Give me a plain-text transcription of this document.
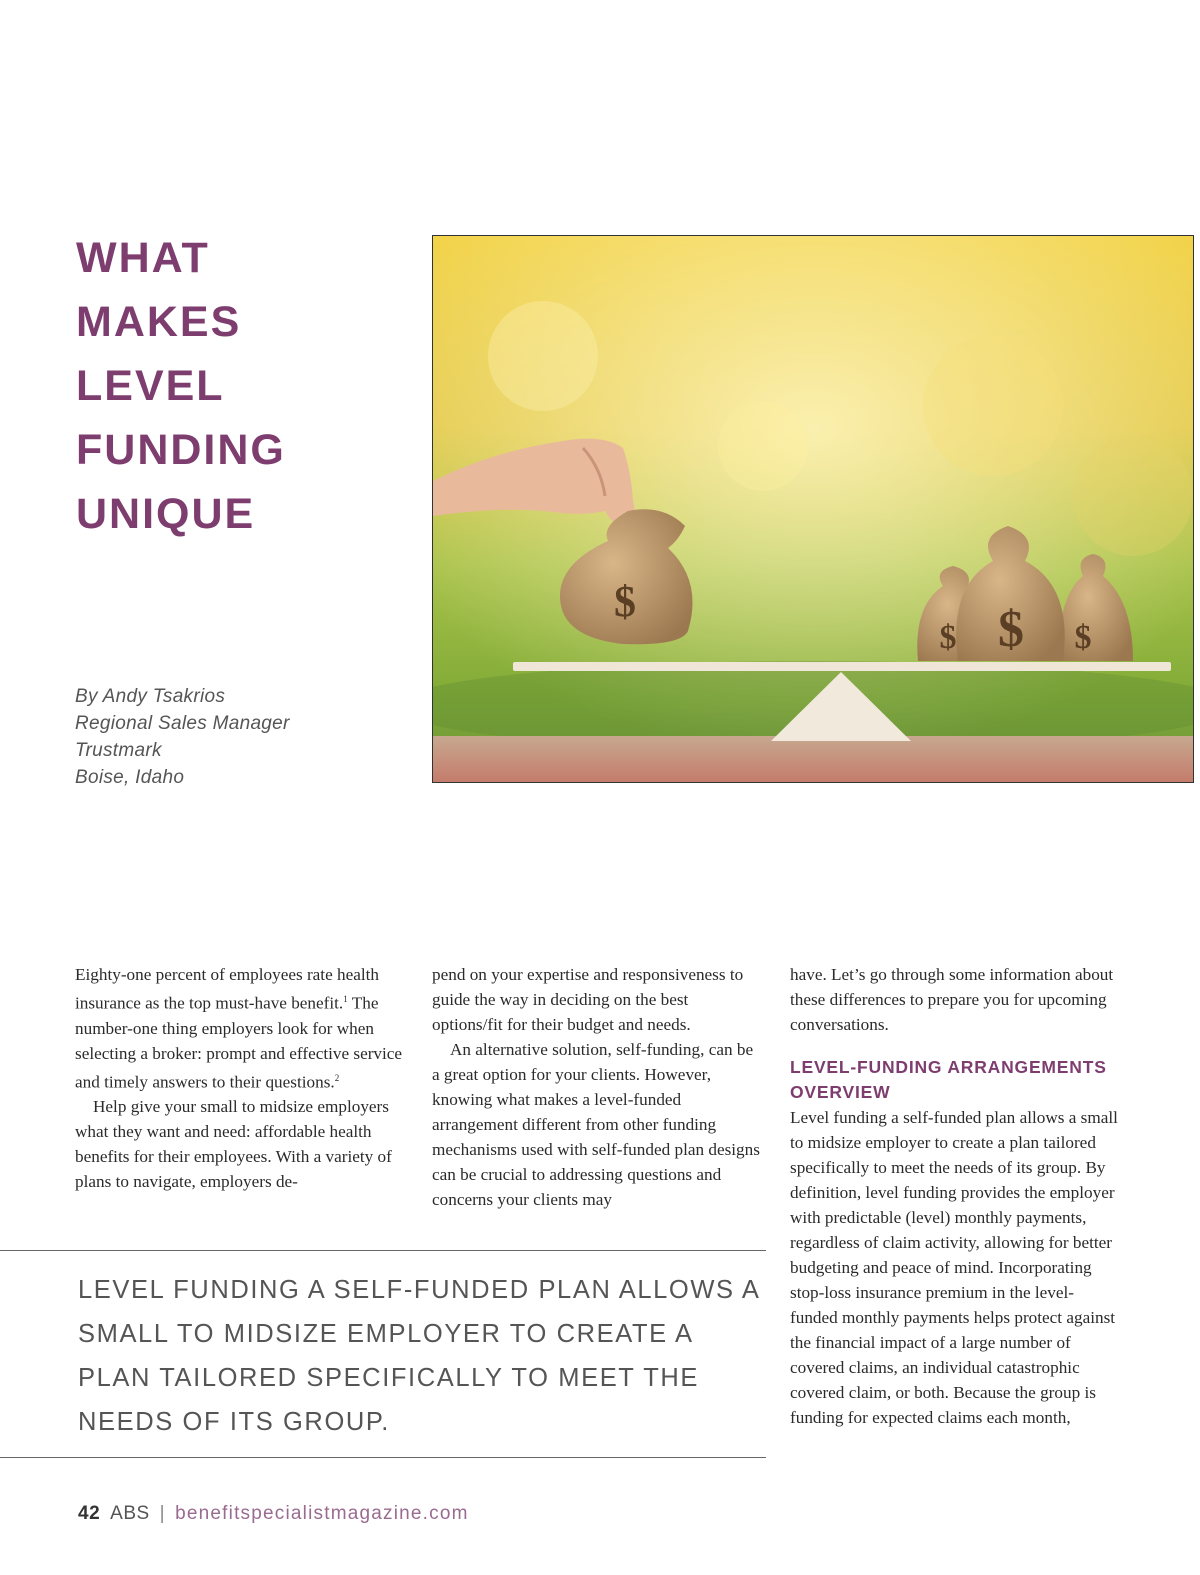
WHAT
MAKES
LEVEL
FUNDING
UNIQUE
By Andy Tsakrios
Regional Sales Manager
Trustmark
Boise, Idaho
$	$
$	$

Eighty-one percent of employees rate health insurance as the top must-have benefit.$^1$ The number-one thing employers look for when selecting a broker: prompt and effective service and timely answers to their questions.$^2$

Help give your small to midsize employers what they want and need: affordable health benefits for their employees. With a variety of plans to navigate, employers de-

pend on your expertise and responsiveness to guide the way in deciding on the best options/fit for their budget and needs.

An alternative solution, self-funding, can be a great option for your clients. However, knowing what makes a level-funded arrangement different from other funding mechanisms used with self-funded plan designs can be crucial to addressing questions and concerns your clients may

have. Let’s go through some information about these differences to prepare you for upcoming conversations.

LEVEL-FUNDING ARRANGEMENTS OVERVIEW

Level funding a self-funded plan allows a small to midsize employer to create a plan tailored specifically to meet the needs of its group. By definition, level funding provides the employer with predictable (level) monthly payments, regardless of claim activity, allowing for better budgeting and peace of mind. Incorporating stop-loss insurance premium in the level-funded monthly payments helps protect against the financial impact of a large number of covered claims, an individual catastrophic covered claim, or both. Because the group is funding for expected claims each month,

LEVEL FUNDING A SELF-FUNDED PLAN ALLOWS A SMALL TO MIDSIZE EMPLOYER TO CREATE A PLAN TAILORED SPECIFICALLY TO MEET THE NEEDS OF ITS GROUP.

42 ABS | benefitspecialistmagazine.com
